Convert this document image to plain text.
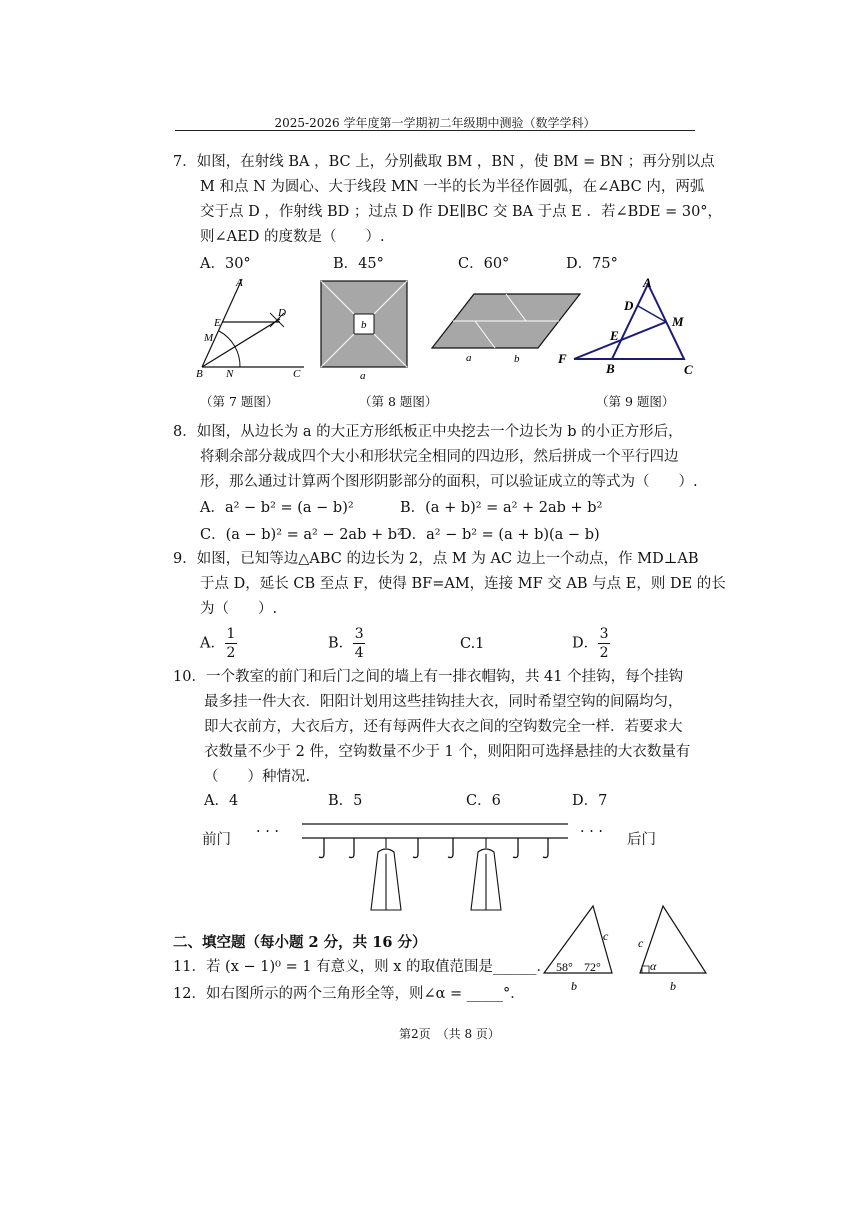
2025-2026 学年度第一学期初二年级期中测验（数学学科）
7．如图，在射线 BA ，BC 上，分别截取 BM ，BN ，使 BM = BN ；再分别以点
M 和点 N 为圆心、大于线段 MN 一半的长为半径作圆弧，在∠ABC 内，两弧
交于点 D ，作射线 BD ；过点 D 作 DE∥BC 交 BA 于点 E ．若∠BDE = 30°，
则∠AED 的度数是（　　）.
A．30°	B．45°	C．60°	D．75°
A
D
E
M
B N	C
（第 7 题图）
b
a
a	b
（第 8 题图）
A
D
M
E
F
B	C
（第 9 题图）
8．如图，从边长为 a 的大正方形纸板正中央挖去一个边长为 b 的小正方形后，
将剩余部分裁成四个大小和形状完全相同的四边形，然后拼成一个平行四边
形，那么通过计算两个图形阴影部分的面积，可以验证成立的等式为（　　）.
A．a² − b² = (a − b)²	B．(a + b)² = a² + 2ab + b²
C．(a − b)² = a² − 2ab + b²
D．a² − b² = (a + b)(a − b)
9．如图，已知等边△ABC 的边长为 2，点 M 为 AC 边上一个动点，作 MD⊥AB
于点 D，延长 CB 至点 F，使得 BF=AM，连接 MF 交 AB 与点 E，则 DE 的长
为（　　）.
A． $\frac{1}{2}$	B． $\frac{3}{4}$	C.1	D． $\frac{3}{2}$
10．一个教室的前门和后门之间的墙上有一排衣帽钩，共 41 个挂钩，每个挂钩
最多挂一件大衣．阳阳计划用这些挂钩挂大衣，同时希望空钩的间隔均匀，
即大衣前方，大衣后方，还有每两件大衣之间的空钩数完全一样．若要求大
衣数量不少于 2 件，空钩数量不少于 1 个，则阳阳可选择悬挂的大衣数量有
（　　）种情况.
A．4	B．5	C．6	D．7
前门 · · ·	· · · 后门
二、填空题（每小题 2 分，共 16 分）
11．若 (x − 1)⁰ = 1 有意义，则 x 的取值范围是______．
12．如右图所示的两个三角形全等，则∠α = _____°．
58° 72°
c
b
c
α
b
第2页　（共 8 页）
